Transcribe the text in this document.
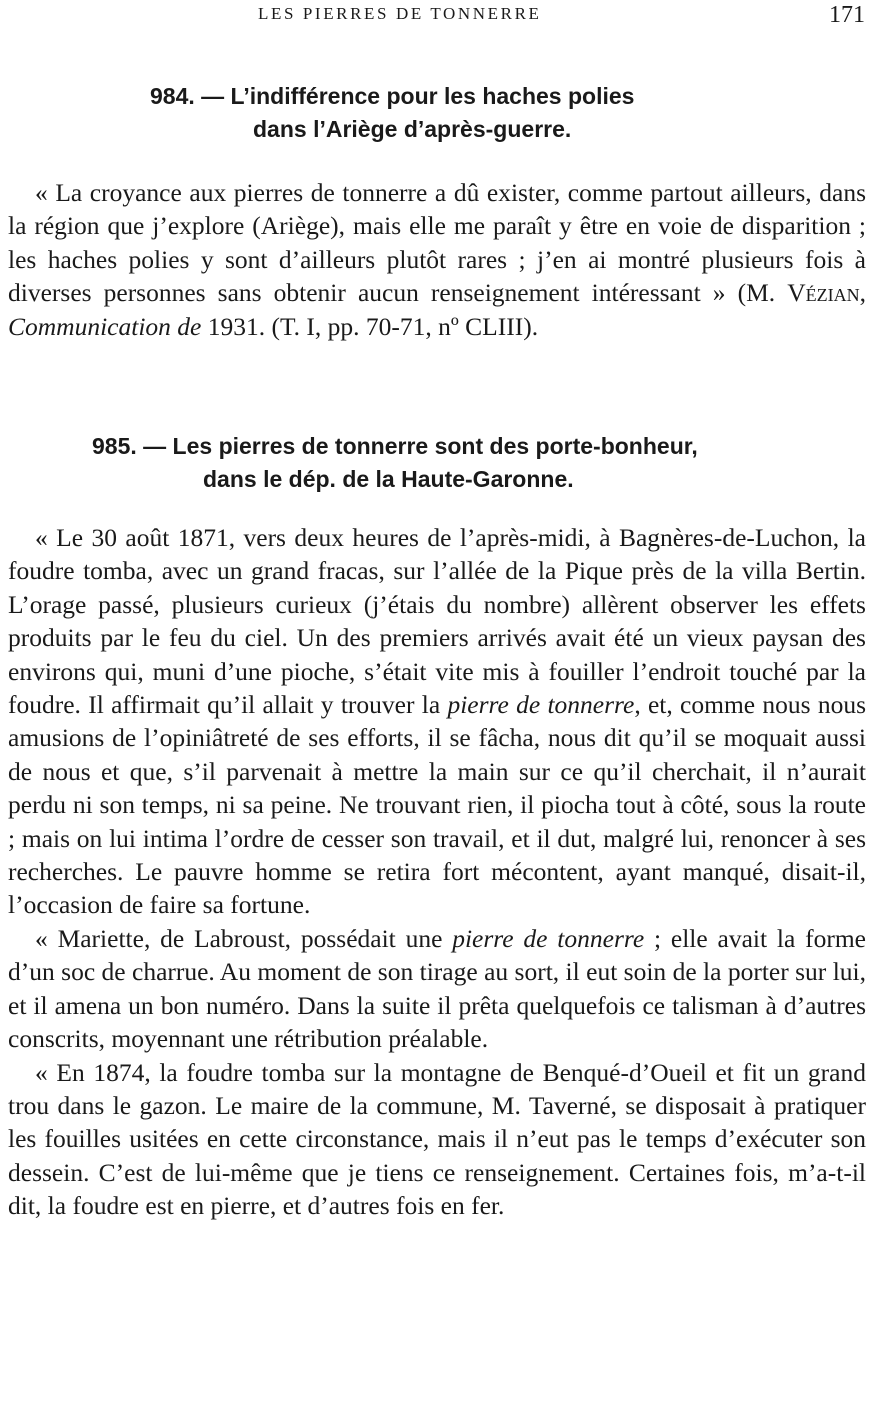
LES PIERRES DE TONNERRE	171
984. — L’indifférence pour les haches polies
dans l’Ariège d’après-guerre.

« La croyance aux pierres de tonnerre a dû exister, comme partout ailleurs, dans la région que j’explore (Ariège), mais elle me paraît y être en voie de disparition ; les haches polies y sont d’ailleurs plutôt rares ; j’en ai montré plusieurs fois à diverses personnes sans obtenir aucun renseignement intéressant » (M. Vézian, Communication de 1931. (T. I, pp. 70-71, nº CLIII).

985. — Les pierres de tonnerre sont des porte-bonheur,
dans le dép. de la Haute-Garonne.

« Le 30 août 1871, vers deux heures de l’après-midi, à Bagnères-de-Luchon, la foudre tomba, avec un grand fracas, sur l’allée de la Pique près de la villa Bertin. L’orage passé, plusieurs curieux (j’étais du nombre) allèrent observer les effets produits par le feu du ciel. Un des premiers arrivés avait été un vieux paysan des environs qui, muni d’une pioche, s’était vite mis à fouiller l’endroit touché par la foudre. Il affirmait qu’il allait y trouver la pierre de tonnerre, et, comme nous nous amusions de l’opiniâtreté de ses efforts, il se fâcha, nous dit qu’il se moquait aussi de nous et que, s’il parvenait à mettre la main sur ce qu’il cherchait, il n’aurait perdu ni son temps, ni sa peine. Ne trouvant rien, il piocha tout à côté, sous la route ; mais on lui intima l’ordre de cesser son travail, et il dut, malgré lui, renoncer à ses recherches. Le pauvre homme se retira fort mécontent, ayant manqué, disait-il, l’occasion de faire sa fortune.

« Mariette, de Labroust, possédait une pierre de tonnerre ; elle avait la forme d’un soc de charrue. Au moment de son tirage au sort, il eut soin de la porter sur lui, et il amena un bon numéro. Dans la suite il prêta quelquefois ce talisman à d’autres conscrits, moyennant une rétribution préalable.

« En 1874, la foudre tomba sur la montagne de Benqué-d’Oueil et fit un grand trou dans le gazon. Le maire de la commune, M. Taverné, se disposait à pratiquer les fouilles usitées en cette circonstance, mais il n’eut pas le temps d’exécuter son dessein. C’est de lui-même que je tiens ce renseignement. Certaines fois, m’a-t-il dit, la foudre est en pierre, et d’autres fois en fer.
